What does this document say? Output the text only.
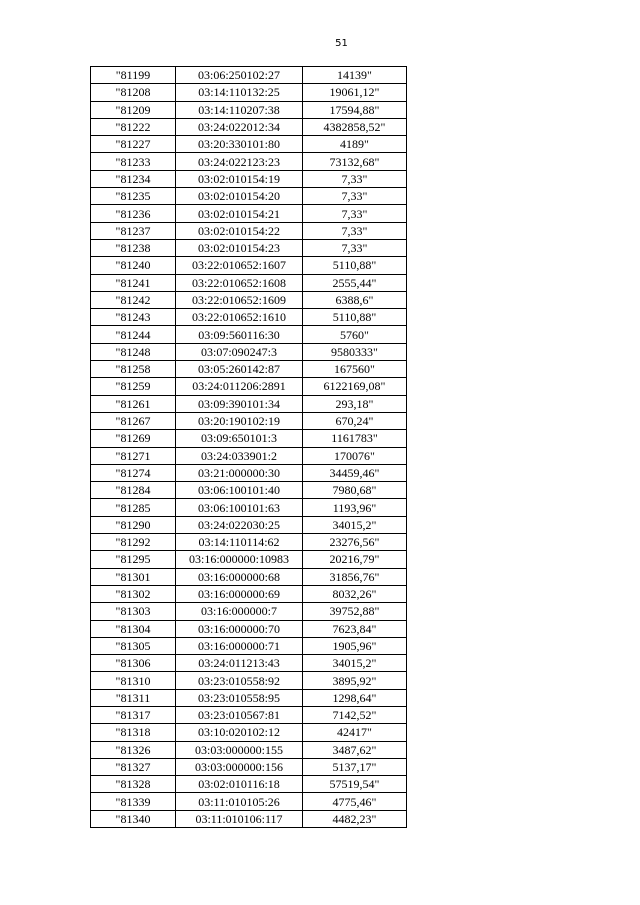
51
"81199	03:06:250102:27	14139"
"81208	03:14:110132:25	19061,12"
"81209	03:14:110207:38	17594,88"
"81222	03:24:022012:34	4382858,52"
"81227	03:20:330101:80	4189"
"81233	03:24:022123:23	73132,68"
"81234	03:02:010154:19	7,33"
"81235	03:02:010154:20	7,33"
"81236	03:02:010154:21	7,33"
"81237	03:02:010154:22	7,33"
"81238	03:02:010154:23	7,33"
"81240	03:22:010652:1607	5110,88"
"81241	03:22:010652:1608	2555,44"
"81242	03:22:010652:1609	6388,6"
"81243	03:22:010652:1610	5110,88"
"81244	03:09:560116:30	5760"
"81248	03:07:090247:3	9580333"
"81258	03:05:260142:87	167560"
"81259	03:24:011206:2891	6122169,08"
"81261	03:09:390101:34	293,18"
"81267	03:20:190102:19	670,24"
"81269	03:09:650101:3	1161783"
"81271	03:24:033901:2	170076"
"81274	03:21:000000:30	34459,46"
"81284	03:06:100101:40	7980,68"
"81285	03:06:100101:63	1193,96"
"81290	03:24:022030:25	34015,2"
"81292	03:14:110114:62	23276,56"
"81295	03:16:000000:10983	20216,79"
"81301	03:16:000000:68	31856,76"
"81302	03:16:000000:69	8032,26"
"81303	03:16:000000:7	39752,88"
"81304	03:16:000000:70	7623,84"
"81305	03:16:000000:71	1905,96"
"81306	03:24:011213:43	34015,2"
"81310	03:23:010558:92	3895,92"
"81311	03:23:010558:95	1298,64"
"81317	03:23:010567:81	7142,52"
"81318	03:10:020102:12	42417"
"81326	03:03:000000:155	3487,62"
"81327	03:03:000000:156	5137,17"
"81328	03:02:010116:18	57519,54"
"81339	03:11:010105:26	4775,46"
"81340	03:11:010106:117	4482,23"
